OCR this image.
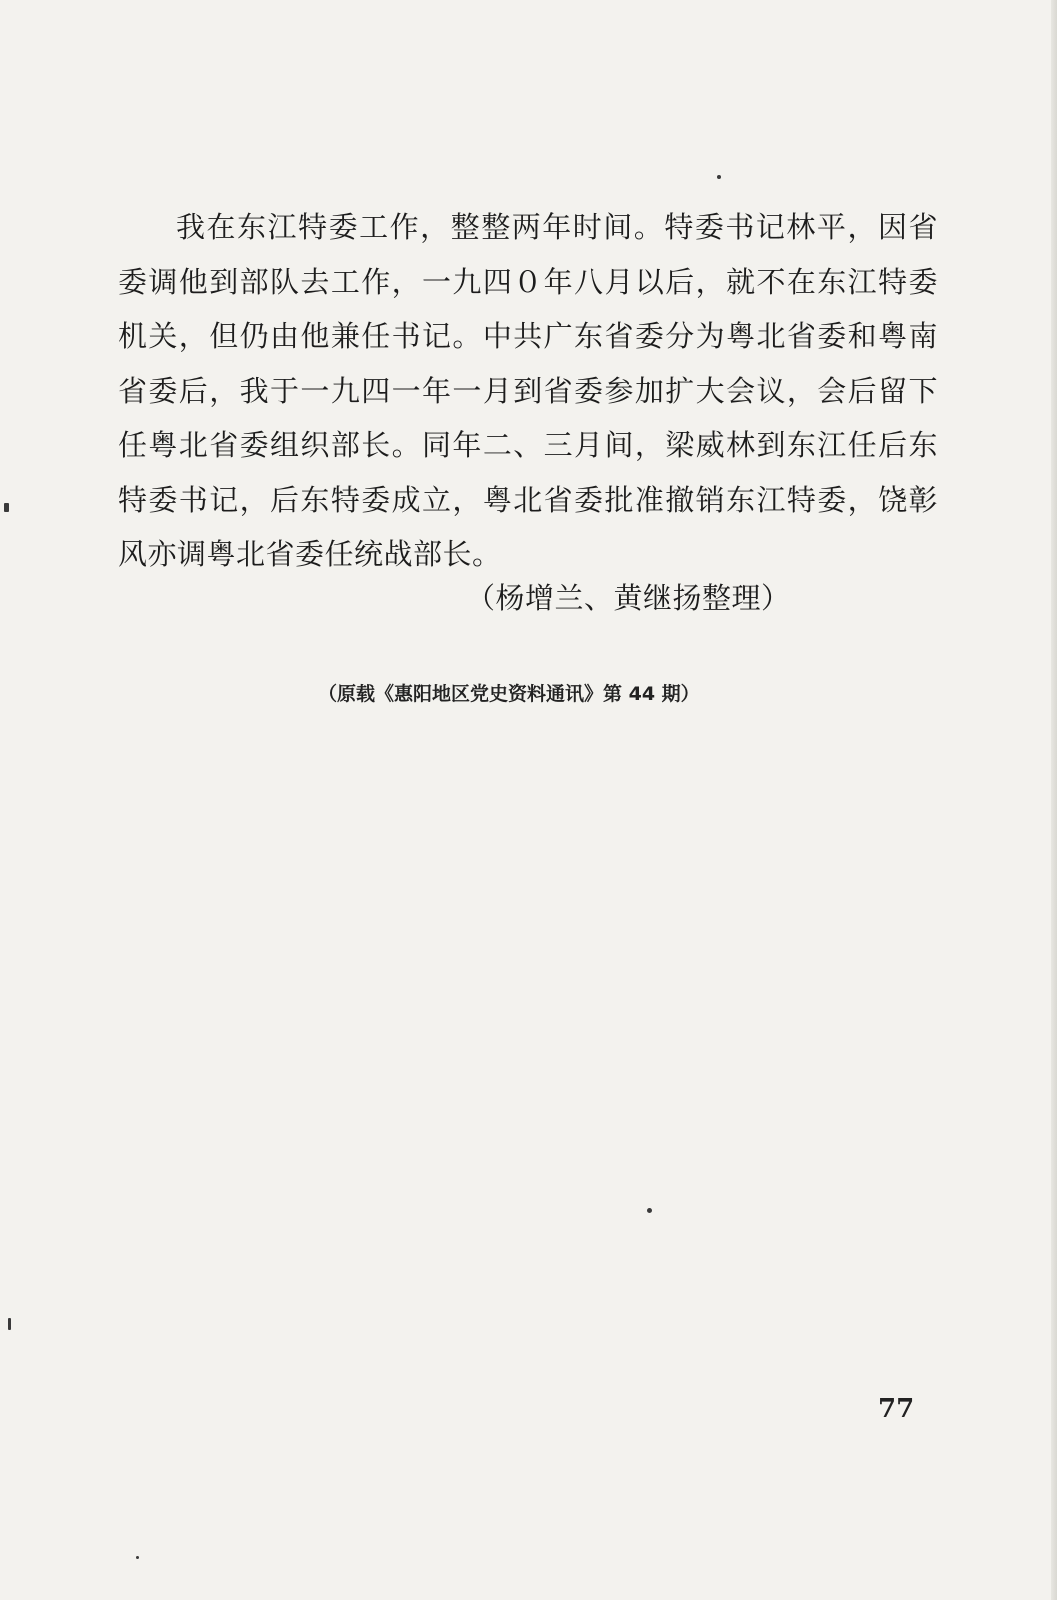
我在东江特委工作，整整两年时间。特委书记林平，因省委调他到部队去工作，一九四０年八月以后，就不在东江特委机关，但仍由他兼任书记。中共广东省委分为粤北省委和粤南省委后，我于一九四一年一月到省委参加扩大会议，会后留下任粤北省委组织部长。同年二、三月间，梁威林到东江任后东特委书记，后东特委成立，粤北省委批准撤销东江特委，饶彰风亦调粤北省委任统战部长。

（杨增兰、黄继扬整理）

（原载《惠阳地区党史资料通讯》第 44 期）

77
